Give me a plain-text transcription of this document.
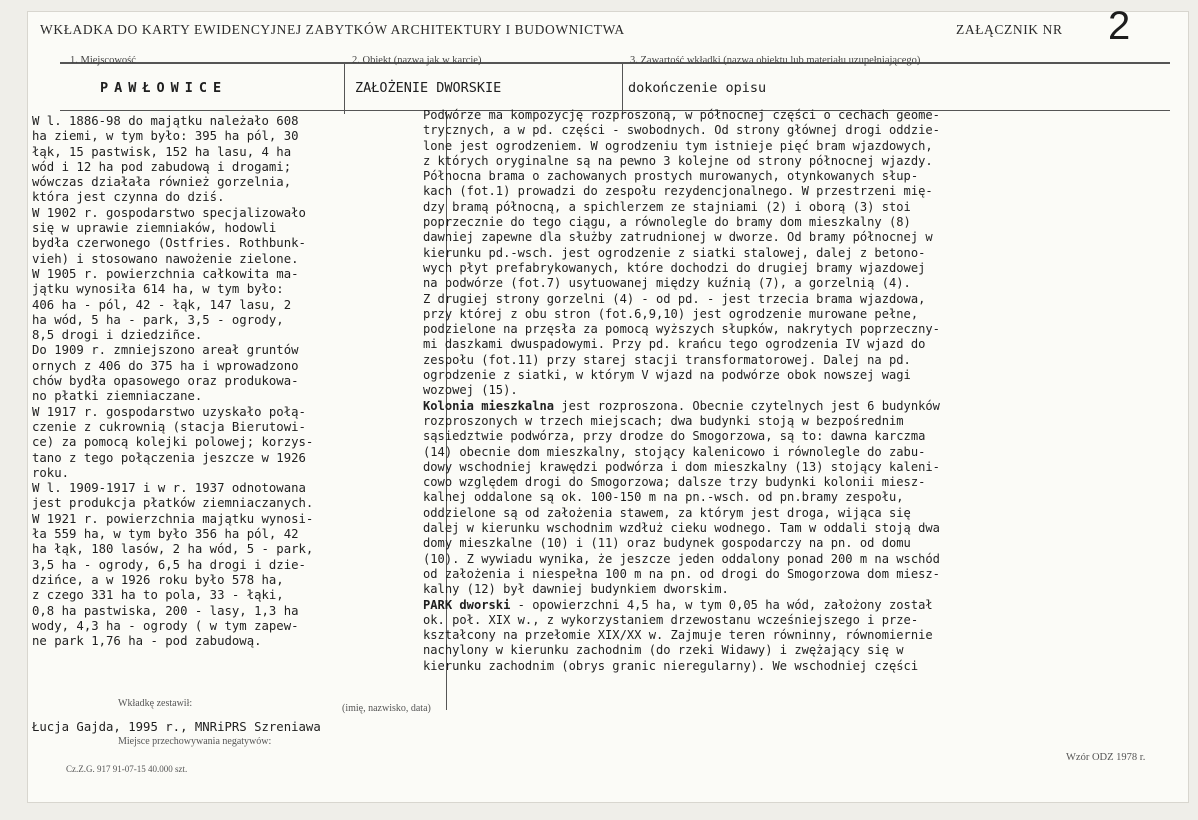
WKŁADKA DO KARTY EWIDENCYJNEJ ZABYTKÓW ARCHITEKTURY I BUDOWNICTWA	ZAŁĄCZNIK NR 2
1. Miejscowość	2. Obiekt (nazwa jak w karcie)	3. Zawartość wkładki (nazwa obiektu lub materiału uzupełniającego)
PAWŁOWICE	ZAŁOŻENIE DWORSKIE	dokończenie opisu
W l. 1886-98 do majątku należało 608
ha ziemi, w tym było: 395 ha pól, 30
łąk, 15 pastwisk, 152 ha lasu, 4 ha
wód i 12 ha pod zabudową i drogami;
wówczas działała również gorzelnia,
która jest czynna do dziś.
W 1902 r. gospodarstwo specjalizowało
się w uprawie ziemniaków, hodowli
bydła czerwonego (Ostfries. Rothbunk-
vieh) i stosowano nawożenie zielone.
W 1905 r. powierzchnia całkowita ma-
jątku wynosiła 614 ha, w tym było:
406 ha - pól, 42 - łąk, 147 lasu, 2
ha wód, 5 ha - park, 3,5 - ogrody,
8,5 drogi i dziedziñce.
Do 1909 r. zmniejszono areał gruntów
ornych z 406 do 375 ha i wprowadzono
chów bydła opasowego oraz produkowa-
no płatki ziemniaczane.
W 1917 r. gospodarstwo uzyskało połą-
czenie z cukrownią (stacja Bierutowi-
ce) za pomocą kolejki polowej; korzys-
tano z tego połączenia jeszcze w 1926
roku.
W l. 1909-1917 i w r. 1937 odnotowana
jest produkcja płatków ziemniaczanych.
W 1921 r. powierzchnia majątku wynosi-
ła 559 ha, w tym było 356 ha pól, 42
ha łąk, 180 lasów, 2 ha wód, 5 - park,
3,5 ha - ogrody, 6,5 ha drogi i dzie-
dzińce, a w 1926 roku było 578 ha,
z czego 331 ha to pola, 33 - łąki,
0,8 ha pastwiska, 200 - lasy, 1,3 ha
wody, 4,3 ha - ogrody ( w tym zapew-
ne park 1,76 ha - pod zabudową.
Podwórze ma kompozycję rozproszoną, w północnej części o cechach geome-
trycznych, a w pd. części - swobodnych. Od strony głównej drogi oddzie-
lone jest ogrodzeniem. W ogrodzeniu tym istnieje pięć bram wjazdowych,
z których oryginalne są na pewno 3 kolejne od strony północnej wjazdy.
Północna brama o zachowanych prostych murowanych, otynkowanych słup-
kach (fot.1) prowadzi do zespołu rezydencjonalnego. W przestrzeni mię-
dzy bramą północną, a spichlerzem ze stajniami (2) i oborą (3) stoi
poprzecznie do tego ciągu, a równolegle do bramy dom mieszkalny (8)
dawniej zapewne dla służby zatrudnionej w dworze. Od bramy północnej w
kierunku pd.-wsch. jest ogrodzenie z siatki stalowej, dalej z betono-
wych płyt prefabrykowanych, które dochodzi do drugiej bramy wjazdowej
na podwórze (fot.7) usytuowanej między kuźnią (7), a gorzelnią (4).
Z drugiej strony gorzelni (4) - od pd. - jest trzecia brama wjazdowa,
przy której z obu stron (fot.6,9,10) jest ogrodzenie murowane pełne,
podzielone na przęsła za pomocą wyższych słupków, nakrytych poprzeczny-
mi daszkami dwuspadowymi. Przy pd. krańcu tego ogrodzenia IV wjazd do
zespołu (fot.11) przy starej stacji transformatorowej. Dalej na pd.
ogrodzenie z siatki, w którym V wjazd na podwórze obok nowszej wagi
wozowej (15).
Kolonia mieszkalna jest rozproszona. Obecnie czytelnych jest 6 budynków
rozproszonych w trzech miejscach; dwa budynki stoją w bezpośrednim
sąsiedztwie podwórza, przy drodze do Smogorzowa, są to: dawna karczma
(14) obecnie dom mieszkalny, stojący kalenicowo i równolegle do zabu-
dowy wschodniej krawędzi podwórza i dom mieszkalny (13) stojący kaleni-
cowo względem drogi do Smogorzowa; dalsze trzy budynki kolonii miesz-
kalnej oddalone są ok. 100-150 m na pn.-wsch. od pn.bramy zespołu,
oddzielone są od założenia stawem, za którym jest droga, wijąca się
dalej w kierunku wschodnim wzdłuż cieku wodnego. Tam w oddali stoją dwa
domy mieszkalne (10) i (11) oraz budynek gospodarczy na pn. od domu
(10). Z wywiadu wynika, że jeszcze jeden oddalony ponad 200 m na wschód
od założenia i niespełna 100 m na pn. od drogi do Smogorzowa dom miesz-
kalny (12) był dawniej budynkiem dworskim.
PARK dworski - opowierzchni 4,5 ha, w tym 0,05 ha wód, założony został
ok. poł. XIX w., z wykorzystaniem drzewostanu wcześniejszego i prze-
kształcony na przełomie XIX/XX w. Zajmuje teren równinny, równomiernie
nachylony w kierunku zachodnim (do rzeki Widawy) i zwężający się w
kierunku zachodnim (obrys granic nieregularny). We wschodniej części
Wkładkę zestawił:	(imię, nazwisko, data)
Łucja Gajda, 1995 r., MNRiPRS Szreniawa
Miejsce przechowywania negatywów:
Cz.Z.G. 917 91-07-15 40.000 szt.
Wzór ODZ 1978 r.
